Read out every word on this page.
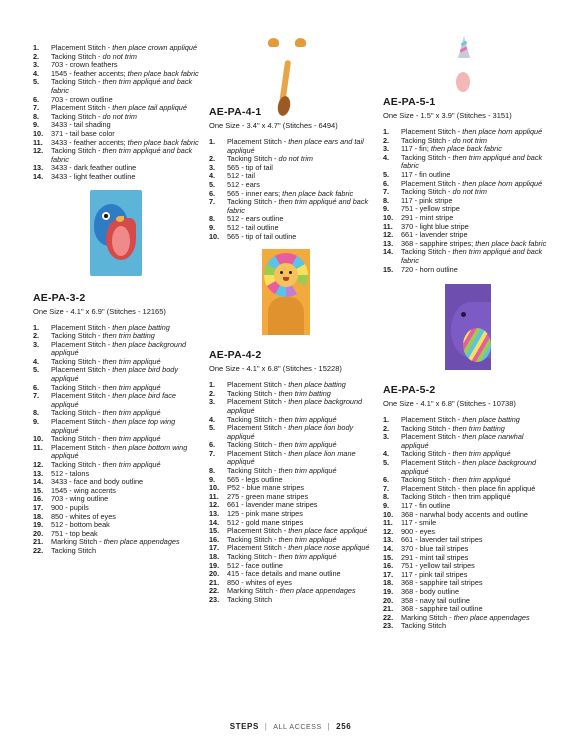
1.	Placement Stitch - then place crown appliqué
2.	Tacking Stitch - do not trim
3.	703 - crown feathers
4.	1545 - feather accents; then place back fabric
5.	Tacking Stitch - then trim appliqué and back fabric
6.	703 - crown outline
7.	Placement Stitch - then place tail appliqué
8.	Tacking Stitch - do not trim
9.	3433 - tail shading
10.	371 - tail base color
11.	3433 - feather accents; then place back fabric
12.	Tacking Stitch - then trim appliqué and back fabric
13.	3433 - dark feather outline
14.	3433 - light feather outline
AE-PA-3-2
One Size - 4.1" x 6.9" (Stitches - 12165)
1.	Placement Stitch - then place batting
2.	Tacking Stitch - then trim batting
3.	Placement Stitch - then place background appliqué
4.	Tacking Stitch - then trim appliqué
5.	Placement Stitch - then place bird body appliqué
6.	Tacking Stitch - then trim appliqué
7.	Placement Stitch - then place bird face appliqué
8.	Tacking Stitch - then trim appliqué
9.	Placement Stitch - then place top wing appliqué
10.	Tacking Stitch - then trim appliqué
11.	Placement Stitch - then place bottom wing appliqué
12.	Tacking Stitch - then trim appliqué
13.	512 - talons
14.	3433 - face and body outline
15.	1545 - wing accents
16.	703 - wing outline
17.	900 - pupils
18.	850 - whites of eyes
19.	512 - bottom beak
20.	751 - top beak
21.	Marking Stitch - then place appendages
22.	Tacking Stitch
AE-PA-4-1
One Size - 3.4" x 4.7" (Stitches - 6494)
1.	Placement Stitch - then place ears and tail appliqué
2.	Tacking Stitch - do not trim
3.	565 - tip of tail
4.	512 - tail
5.	512 - ears
6.	565 - inner ears; then place back fabric
7.	Tacking Stitch - then trim appliqué and back fabric
8.	512 - ears outline
9.	512 - tail outline
10.	565 - tip of tail outline
AE-PA-4-2
One Size - 4.1" x 6.8" (Stitches - 15228)
1.	Placement Stitch - then place batting
2.	Tacking Stitch - then trim batting
3.	Placement Stitch - then place background appliqué
4.	Tacking Stitch - then trim appliqué
5.	Placement Stitch - then place lion body appliqué
6.	Tacking Stitch - then trim appliqué
7.	Placement Stitch - then place lion mane appliqué
8.	Tacking Stitch - then trim appliqué
9.	565 - legs outline
10.	P52 - blue mane stripes
11.	275 - green mane stripes
12.	661 - lavender mane stripes
13.	125 - pink mane stripes
14.	512 - gold mane stripes
15.	Placement Stitch - then place face appliqué
16.	Tacking Stitch - then trim appliqué
17.	Placement Stitch - then place nose appliqué
18.	Tacking Stitch - then trim appliqué
19.	512 - face outline
20.	415 - face details and mane outline
21.	850 - whites of eyes
22.	Marking Stitch - then place appendages
23.	Tacking Stitch
AE-PA-5-1
One Size - 1.5" x 3.9" (Stitches - 3151)
1.	Placement Stitch - then place horn appliqué
2.	Tacking Stitch - do not trim
3.	117 - fin; then place back fabric
4.	Tacking Stitch - then trim appliqué and back fabric
5.	117 - fin outline
6.	Placement Stitch - then place horn appliqué
7.	Tacking Stitch - do not trim
8.	117 - pink stripe
9.	751 - yellow stripe
10.	291 - mint stripe
11.	370 - light blue stripe
12.	661 - lavender stripe
13.	368 - sapphire stripes; then place back fabric
14.	Tacking Stitch - then trim appliqué and back fabric
15.	720 - horn outline
AE-PA-5-2
One Size - 4.1" x 6.8" (Stitches - 10738)
1.	Placement Stitch - then place batting
2.	Tacking Stitch - then trim batting
3.	Placement Stitch - then place narwhal appliqué
4.	Tacking Stitch - then trim appliqué
5.	Placement Stitch - then place background appliqué
6.	Tacking Stitch - then trim appliqué
7.	Placement Stitch - then place fin appliqué
8.	Tacking Stitch - then trim appliqué
9.	117 - fin outline
10.	368 - narwhal body accents and outline
11.	117 - smile
12.	900 - eyes
13.	661 - lavender tail stripes
14.	370 - blue tail stripes
15.	291 - mint tail stripes
16.	751 - yellow tail stripes
17.	117 - pink tail stripes
18.	368 - sapphire tail stripes
19.	368 - body outline
20.	358 - navy tail outline
21.	368 - sapphire tail outline
22.	Marking Stitch - then place appendages
23.	Tacking Stitch
STEPS | ALL ACCESS | 256
